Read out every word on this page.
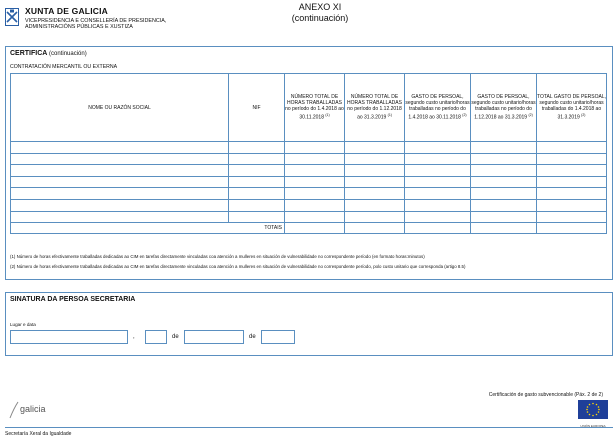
XUNTA DE GALICIA
VICEPRESIDENCIA E CONSELLERÍA DE PRESIDENCIA,
ADMINISTRACIÓNS PÚBLICAS E XUSTIZA
ANEXO XI
(continuación)
CERTIFICA (continuación)
CONTRATACIÓN MERCANTIL OU EXTERNA
NOME OU RAZÓN SOCIAL	NIF	NÚMERO TOTAL DE HORAS TRABALLADAS no período do 1.4.2018 ao 30.11.2018 $^{(1)}$	NÚMERO TOTAL DE HORAS TRABALLADAS no período do 1.12.2018 ao 31.3.2019 $^{(1)}$	GASTO DE PERSOAL, segundo custo unitario/horas traballadas no período do 1.4.2018 ao 30.11.2018 $^{(2)}$	GASTO DE PERSOAL, segundo custo unitario/horas traballadas no período do 1.12.2018 ao 31.3.2019 $^{(2)}$	TOTAL GASTO DE PERSOAL, segundo custo unitario/horas traballadas do 1.4.2018 ao 31.3.2019 $^{(2)}$

TOTAIS						
(1) Número de horas efectivamente traballadas dedicadas ao CIM en tarefas directamente vinculadas coa atención a mulleres en situación de vulnerabilidade no correspondente período (en formato horas:minutos)
(2) Número de horas efectivamente traballadas dedicadas ao CIM en tarefas directamente vinculadas coa atención a mulleres en situación de vulnerabilidade no correspondente período, polo custo unitario que corresponda (artigo 8.5)
SINATURA DA PERSOA SECRETARIA
Lugar e data
,	de	de
Certificación de gasto subvencionable (Páx. 2 de 2)
galicia
UNIÓN EUROPEA
Secretaría Xeral da Igualdade
